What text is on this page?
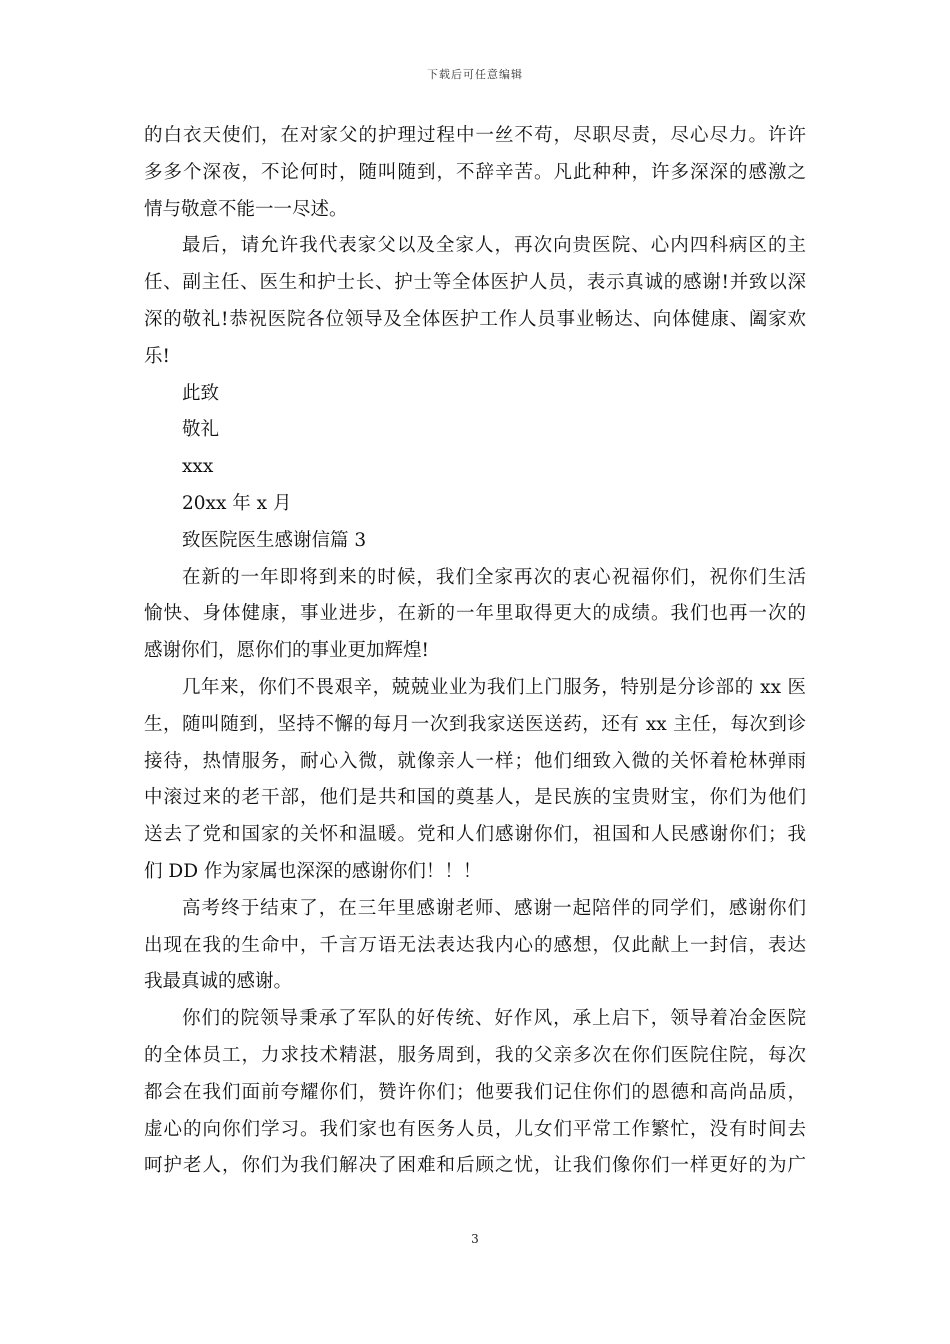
下载后可任意编辑
的白衣天使们，在对家父的护理过程中一丝不苟，尽职尽责，尽心尽力。许许
多多个深夜，不论何时，随叫随到，不辞辛苦。凡此种种，许多深深的感激之
情与敬意不能一一尽述。
最后，请允许我代表家父以及全家人，再次向贵医院、心内四科病区的主
任、副主任、医生和护士长、护士等全体医护人员，表示真诚的感谢!并致以深
深的敬礼!恭祝医院各位领导及全体医护工作人员事业畅达、向体健康、阖家欢
乐!
此致
敬礼
xxx
20xx 年 x 月
致医院医生感谢信篇 3
在新的一年即将到来的时候，我们全家再次的衷心祝福你们，祝你们生活
愉快、身体健康，事业进步，在新的一年里取得更大的成绩。我们也再一次的
感谢你们，愿你们的事业更加辉煌!
几年来，你们不畏艰辛，兢兢业业为我们上门服务，特别是分诊部的 xx 医
生，随叫随到，坚持不懈的每月一次到我家送医送药，还有 xx 主任，每次到诊
接待，热情服务，耐心入微，就像亲人一样；他们细致入微的关怀着枪林弹雨
中滚过来的老干部，他们是共和国的奠基人，是民族的宝贵财宝，你们为他们
送去了党和国家的关怀和温暖。党和人们感谢你们，祖国和人民感谢你们；我
们 DD 作为家属也深深的感谢你们！！！
高考终于结束了，在三年里感谢老师、感谢一起陪伴的同学们，感谢你们
出现在我的生命中，千言万语无法表达我内心的感想，仅此献上一封信，表达
我最真诚的感谢。
你们的院领导秉承了军队的好传统、好作风，承上启下，领导着冶金医院
的全体员工，力求技术精湛，服务周到，我的父亲多次在你们医院住院，每次
都会在我们面前夸耀你们，赞许你们；他要我们记住你们的恩德和高尚品质，
虚心的向你们学习。我们家也有医务人员，儿女们平常工作繁忙，没有时间去
呵护老人，你们为我们解决了困难和后顾之忧，让我们像你们一样更好的为广
3
